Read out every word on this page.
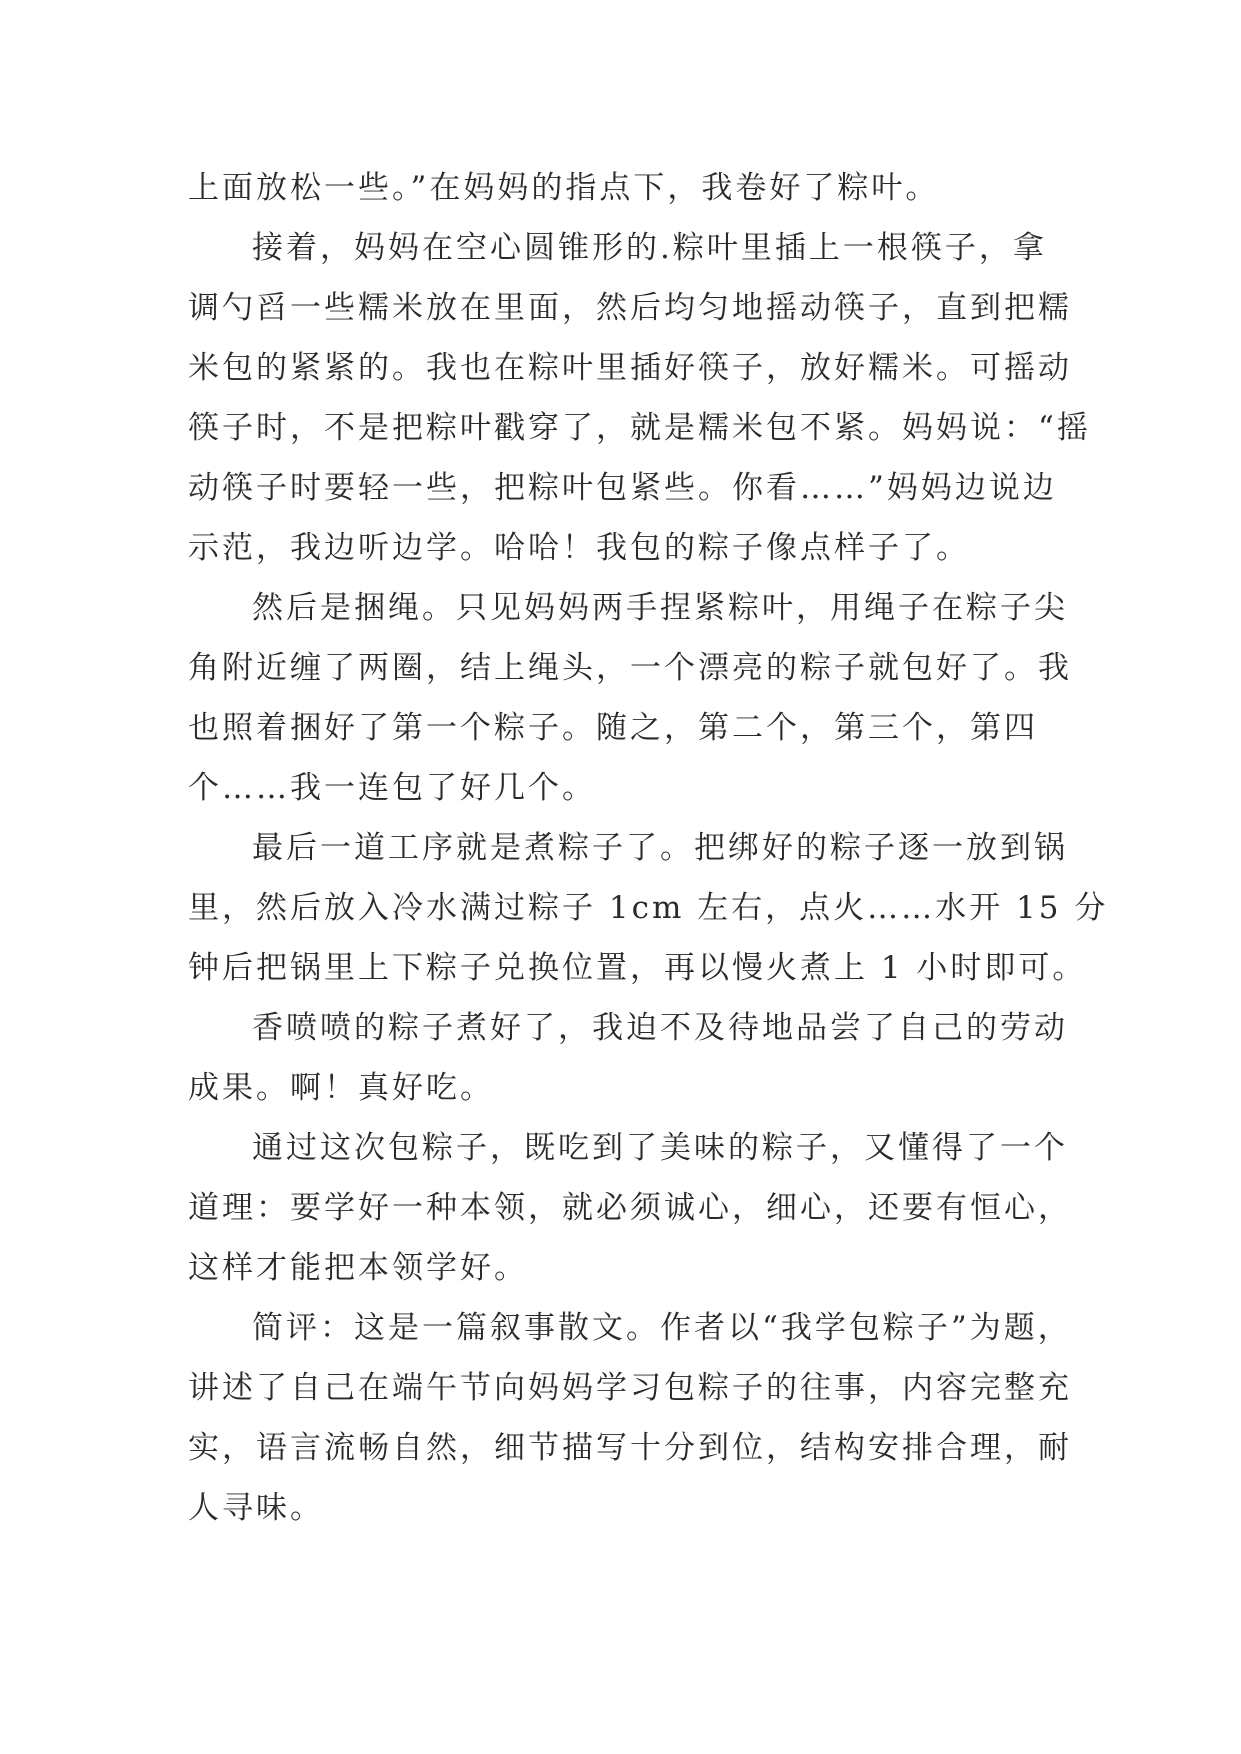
上面放松一些。”在妈妈的指点下，我卷好了粽叶。
接着，妈妈在空心圆锥形的.粽叶里插上一根筷子，拿
调勺舀一些糯米放在里面，然后均匀地摇动筷子，直到把糯
米包的紧紧的。我也在粽叶里插好筷子，放好糯米。可摇动
筷子时，不是把粽叶戳穿了，就是糯米包不紧。妈妈说：“摇
动筷子时要轻一些，把粽叶包紧些。你看……”妈妈边说边
示范，我边听边学。哈哈！我包的粽子像点样子了。
然后是捆绳。只见妈妈两手捏紧粽叶，用绳子在粽子尖
角附近缠了两圈，结上绳头，一个漂亮的粽子就包好了。我
也照着捆好了第一个粽子。随之，第二个，第三个，第四
个……我一连包了好几个。
最后一道工序就是煮粽子了。把绑好的粽子逐一放到锅
里，然后放入冷水满过粽子 1cm 左右，点火……水开 15 分
钟后把锅里上下粽子兑换位置，再以慢火煮上 1 小时即可。
香喷喷的粽子煮好了，我迫不及待地品尝了自己的劳动
成果。啊！真好吃。
通过这次包粽子，既吃到了美味的粽子，又懂得了一个
道理：要学好一种本领，就必须诚心，细心，还要有恒心，
这样才能把本领学好。
简评：这是一篇叙事散文。作者以“我学包粽子”为题，
讲述了自己在端午节向妈妈学习包粽子的往事，内容完整充
实，语言流畅自然，细节描写十分到位，结构安排合理，耐
人寻味。
